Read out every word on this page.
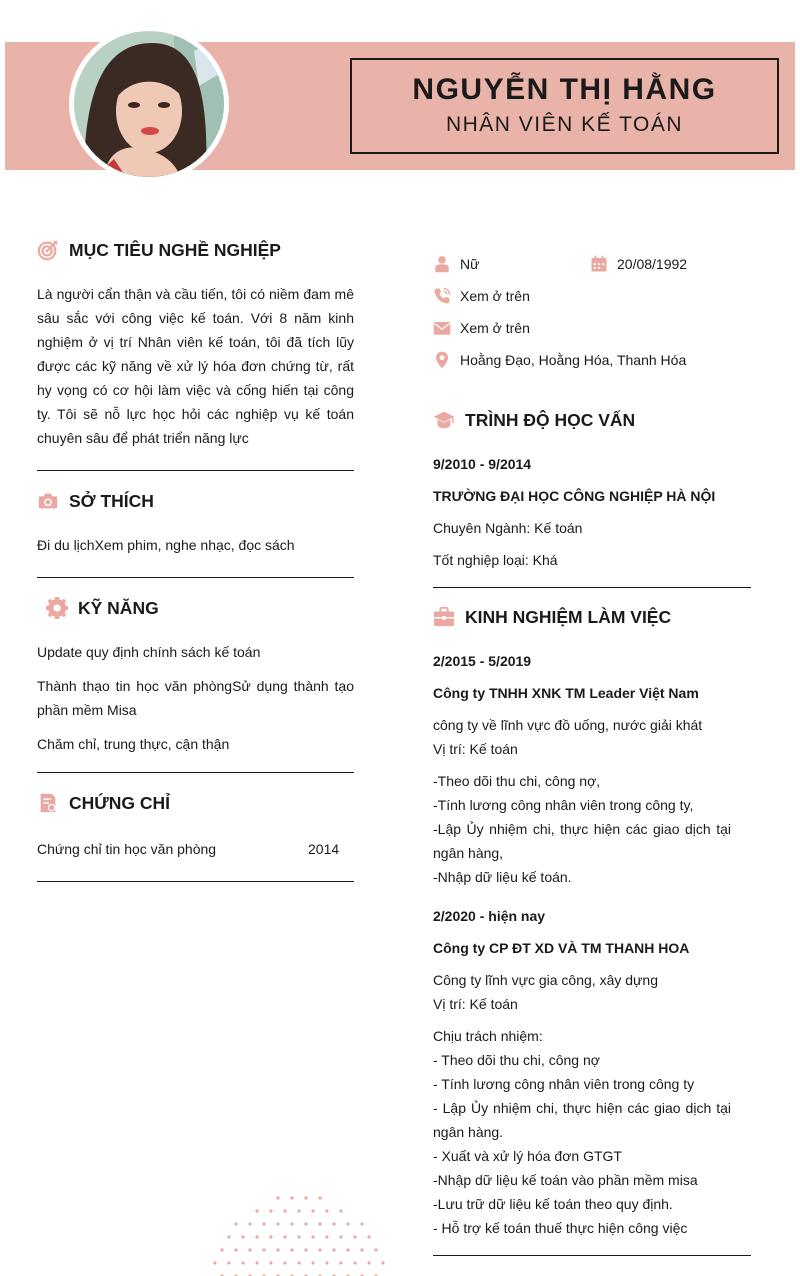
NGUYỄN THỊ HẰNG
NHÂN VIÊN KẾ TOÁN
MỤC TIÊU NGHỀ NGHIỆP
Là người cẩn thận và cầu tiến, tôi có niềm đam mê sâu sắc với công việc kế toán. Với 8 năm kinh nghiệm ở vị trí Nhân viên kế toán, tôi đã tích lũy được các kỹ năng về xử lý hóa đơn chứng từ, rất hy vọng có cơ hội làm việc và cống hiến tại công ty. Tôi sẽ nỗ lực học hỏi các nghiệp vụ kế toán chuyên sâu để phát triển năng lực
SỞ THÍCH
Đi du lịchXem phim, nghe nhạc, đọc sách
KỸ NĂNG
Update quy định chính sách kế toán
Thành thạo tin học văn phòngSử dụng thành tạo phần mềm Misa
Chăm chỉ, trung thực, cận thận
CHỨNG CHỈ
Chứng chỉ tin học văn phòng	2014
Nữ	20/08/1992
Xem ở trên
Xem ở trên
Hoằng Đạo, Hoằng Hóa, Thanh Hóa
TRÌNH ĐỘ HỌC VẤN
9/2010 - 9/2014
TRƯỜNG ĐẠI HỌC CÔNG NGHIỆP HÀ NỘI
Chuyên Ngành: Kế toán
Tốt nghiệp loại: Khá
KINH NGHIỆM LÀM VIỆC
2/2015 - 5/2019
Công ty TNHH XNK TM Leader Việt Nam
công ty về lĩnh vực đồ uống, nước giải khát
Vị trí: Kế toán
-Theo dõi thu chi, công nợ,
-Tính lương công nhân viên trong công ty,
-Lập Ủy nhiệm chi, thực hiện các giao dịch tại ngân hàng,
-Nhập dữ liệu kế toán.
2/2020 - hiện nay
Công ty CP ĐT XD VÀ TM THANH HOA
Công ty lĩnh vực gia công, xây dựng
Vị trí: Kế toán
Chịu trách nhiệm:
- Theo dõi thu chi, công nợ
- Tính lương công nhân viên trong công ty
- Lập Ủy nhiệm chi, thực hiện các giao dịch tại ngân hàng.
- Xuất và xử lý hóa đơn GTGT
-Nhập dữ liệu kế toán vào phần mềm misa
-Lưu trữ dữ liệu kế toán theo quy định.
- Hỗ trợ kế toán thuế thực hiện công việc
